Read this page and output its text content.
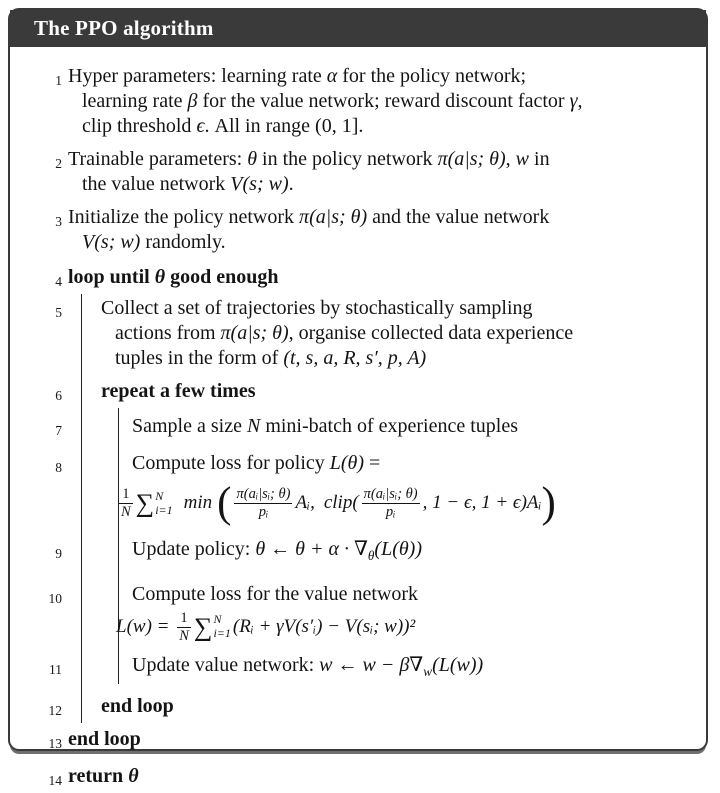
The PPO algorithm
1 Hyper parameters: learning rate α for the policy network;
learning rate β for the value network; reward discount factor γ,
clip threshold ϵ. All in range (0, 1].
2 Trainable parameters: θ in the policy network π(a|s; θ), w in
the value network V(s; w).
3 Initialize the policy network π(a|s; θ) and the value network
V(s; w) randomly.
4 loop until θ good enough
5 Collect a set of trajectories by stochastically sampling
actions from π(a|s; θ), organise collected data experience
tuples in the form of (t, s, a, R, s′, p, A)
6 repeat a few times
7	Sample a size N mini-batch of experience tuples
8	Compute loss for policy L(θ) =
$\frac{1}{N}$ ∑ N
i=1 min ( $\frac{\text{π(aᵢ|sᵢ; θ)}}{\text{pᵢ}}$ Aᵢ, clip( $\frac{\text{π(aᵢ|sᵢ; θ)}}{\text{pᵢ}}$ , 1 − ϵ, 1 + ϵ)Aᵢ)
9	Update policy: θ ← $\theta + \alpha \cdot \nabla_\theta(L(\theta))$
10	Compute loss for the value network
$L(w) = \frac{1}{N}$ ∑ N
i=1 (Rᵢ + γV(s′ᵢ) − V(sᵢ; w))²
11	Update value network: w ← $w - \beta\nabla_w(L(w))$
12 end loop
13 end loop
14 return θ
